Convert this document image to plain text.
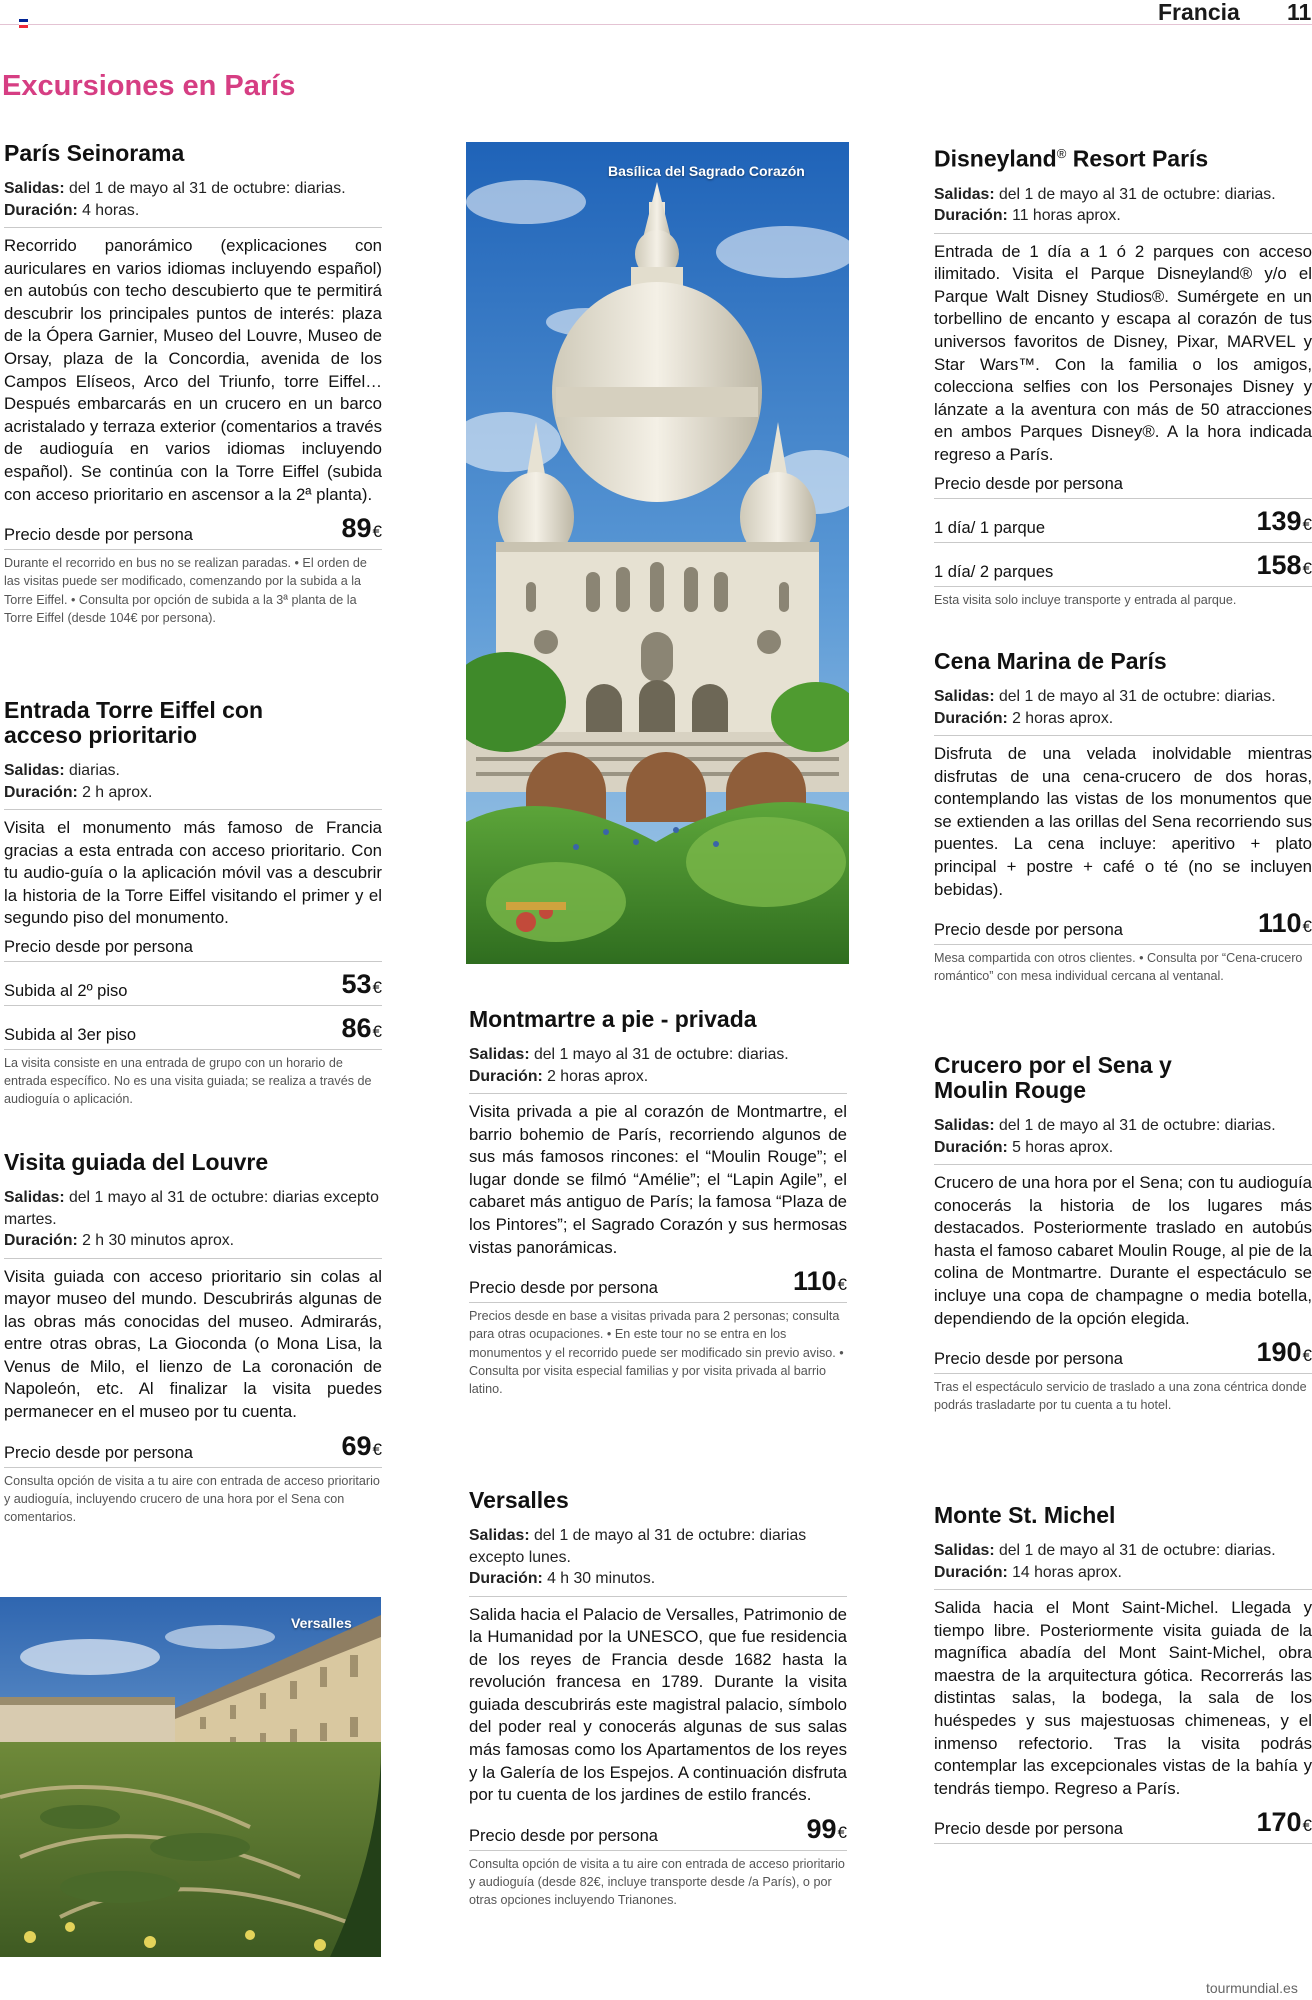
Francia 11
Excursiones en París
París Seinorama
Salidas: del 1 de mayo al 31 de octubre: diarias.
Duración: 4 horas.
Recorrido panorámico (explicaciones con auriculares en varios idiomas incluyendo español) en autobús con techo descubierto que te permitirá descubrir los principales puntos de interés: plaza de la Ópera Garnier, Museo del Louvre, Museo de Orsay, plaza de la Concordia, avenida de los Campos Elíseos, Arco del Triunfo, torre Eiffel… Después embarcarás en un crucero en un barco acristalado y terraza exterior (comentarios a través de audioguía en varios idiomas incluyendo español). Se continúa con la Torre Eiffel (subida con acceso prioritario en ascensor a la 2ª planta).
Precio desde por persona	89€
Durante el recorrido en bus no se realizan paradas. • El orden de las visitas puede ser modificado, comenzando por la subida a la Torre Eiffel. • Consulta por opción de subida a la 3ª planta de la Torre Eiffel (desde 104€ por persona).
Entrada Torre Eiffel con
acceso prioritario
Salidas: diarias.
Duración: 2 h aprox.
Visita el monumento más famoso de Francia gracias a esta entrada con acceso prioritario. Con tu audio-guía o la aplicación móvil vas a descubrir la historia de la Torre Eiffel visitando el primer y el segundo piso del monumento.
Precio desde por persona
Subida al 2º piso	53€
Subida al 3er piso	86€
La visita consiste en una entrada de grupo con un horario de entrada específico. No es una visita guiada; se realiza a través de audioguía o aplicación.
Visita guiada del Louvre
Salidas: del 1 mayo al 31 de octubre: diarias excepto martes.
Duración: 2 h 30 minutos aprox.
Visita guiada con acceso prioritario sin colas al mayor museo del mundo. Descubrirás algunas de las obras más conocidas del museo. Admirarás, entre otras obras, La Gioconda (o Mona Lisa, la Venus de Milo, el lienzo de La coronación de Napoleón, etc. Al finalizar la visita puedes permanecer en el museo por tu cuenta.
Precio desde por persona	69€
Consulta opción de visita a tu aire con entrada de acceso prioritario y audioguía, incluyendo crucero de una hora por el Sena con comentarios.
Versalles
Basílica del Sagrado Corazón
Montmartre a pie - privada
Salidas: del 1 mayo al 31 de octubre: diarias.
Duración: 2 horas aprox.
Visita privada a pie al corazón de Montmartre, el barrio bohemio de París, recorriendo algunos de sus más famosos rincones: el “Moulin Rouge”; el lugar donde se filmó “Amélie”; el “Lapin Agile”, el cabaret más antiguo de París; la famosa “Plaza de los Pintores”; el Sagrado Corazón y sus hermosas vistas panorámicas.
Precio desde por persona	110€
Precios desde en base a visitas privada para 2 personas; consulta para otras ocupaciones. • En este tour no se entra en los monumentos y el recorrido puede ser modificado sin previo aviso. • Consulta por visita especial familias y por visita privada al barrio latino.
Versalles
Salidas: del 1 de mayo al 31 de octubre: diarias excepto lunes.
Duración: 4 h 30 minutos.
Salida hacia el Palacio de Versalles, Patrimonio de la Humanidad por la UNESCO, que fue residencia de los reyes de Francia desde 1682 hasta la revolución francesa en 1789. Durante la visita guiada descubrirás este magistral palacio, símbolo del poder real y conocerás algunas de sus salas más famosas como los Apartamentos de los reyes y la Galería de los Espejos. A continuación disfruta por tu cuenta de los jardines de estilo francés.
Precio desde por persona	99€
Consulta opción de visita a tu aire con entrada de acceso prioritario y audioguía (desde 82€, incluye transporte desde /a París), o por otras opciones incluyendo Trianones.
Disneyland® Resort París
Salidas: del 1 de mayo al 31 de octubre: diarias.
Duración: 11 horas aprox.
Entrada de 1 día a 1 ó 2 parques con acceso ilimitado. Visita el Parque Disneyland® y/o el Parque Walt Disney Studios®. Sumérgete en un torbellino de encanto y escapa al corazón de tus universos favoritos de Disney, Pixar, MARVEL y Star Wars™. Con la familia o los amigos, colecciona selfies con los Personajes Disney y lánzate a la aventura con más de 50 atracciones en ambos Parques Disney®. A la hora indicada regreso a París.
Precio desde por persona
1 día/ 1 parque	139€
1 día/ 2 parques	158€
Esta visita solo incluye transporte y entrada al parque.
Cena Marina de París
Salidas: del 1 de mayo al 31 de octubre: diarias.
Duración: 2 horas aprox.
Disfruta de una velada inolvidable mientras disfrutas de una cena-crucero de dos horas, contemplando las vistas de los monumentos que se extienden a las orillas del Sena recorriendo sus puentes. La cena incluye: aperitivo + plato principal + postre + café o té (no se incluyen bebidas).
Precio desde por persona	110€
Mesa compartida con otros clientes. • Consulta por “Cena-crucero romántico” con mesa individual cercana al ventanal.
Crucero por el Sena y
Moulin Rouge
Salidas: del 1 de mayo al 31 de octubre: diarias.
Duración: 5 horas aprox.
Crucero de una hora por el Sena; con tu audioguía conocerás la historia de los lugares más destacados. Posteriormente traslado en autobús hasta el famoso cabaret Moulin Rouge, al pie de la colina de Montmartre. Durante el espectáculo se incluye una copa de champagne o media botella, dependiendo de la opción elegida.
Precio desde por persona	190€
Tras el espectáculo servicio de traslado a una zona céntrica donde podrás trasladarte por tu cuenta a tu hotel.
Monte St. Michel
Salidas: del 1 de mayo al 31 de octubre: diarias.
Duración: 14 horas aprox.
Salida hacia el Mont Saint-Michel. Llegada y tiempo libre. Posteriormente visita guiada de la magnífica abadía del Mont Saint-Michel, obra maestra de la arquitectura gótica. Recorrerás las distintas salas, la bodega, la sala de los huéspedes y sus majestuosas chimeneas, y el inmenso refectorio. Tras la visita podrás contemplar las excepcionales vistas de la bahía y tendrás tiempo. Regreso a París.
Precio desde por persona	170€
tourmundial.es
